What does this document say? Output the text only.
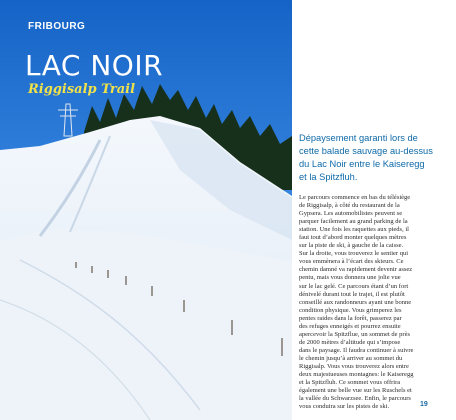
FRIBOURG
LAC NOIR
Riggisalp Trail
Dépaysement garanti lors de
cette balade sauvage au-dessus
du Lac Noir entre le Kaiseregg
et la Spitzfluh.
Le parcours commence en bas du télésiège
de Riggisalp, à côté du restaurant de la
Gypsera. Les automobilistes peuvent se
parquer facilement au grand parking de la
station. Une fois les raquettes aux pieds, il
faut tout d’abord monter quelques mètres
sur la piste de ski, à gauche de la caisse.
Sur la droite, vous trouverez le sentier qui
vous emmènera à l’écart des skieurs. Ce
chemin damné va rapidement devenir assez
pentu, mais vous donnera une jolie vue
sur le lac gelé. Ce parcours étant d’un fort
dénivelé durant tout le trajet, il est plutôt
conseillé aux randonneurs ayant une bonne
condition physique. Vous grimperez les
pentes raides dans la forêt, passerez par
des refuges enneigés et pourrez ensuite
apercevoir la Spitzfluе, un sommet de près
de 2000 mètres d’altitude qui s’impose
dans le paysage. Il faudra continuer à suivre
le chemin jusqu’à arriver au sommet du
Riggisalp. Vous vous trouverez alors entre
deux majestueuses montagnes: le Kaiseregg
et la Spitzfluh. Ce sommet vous offrira
également une belle vue sur les Ruschels et
la vallée du Schwarzsee. Enfin, le parcours
vous conduira sur les pistes de ski.	19
